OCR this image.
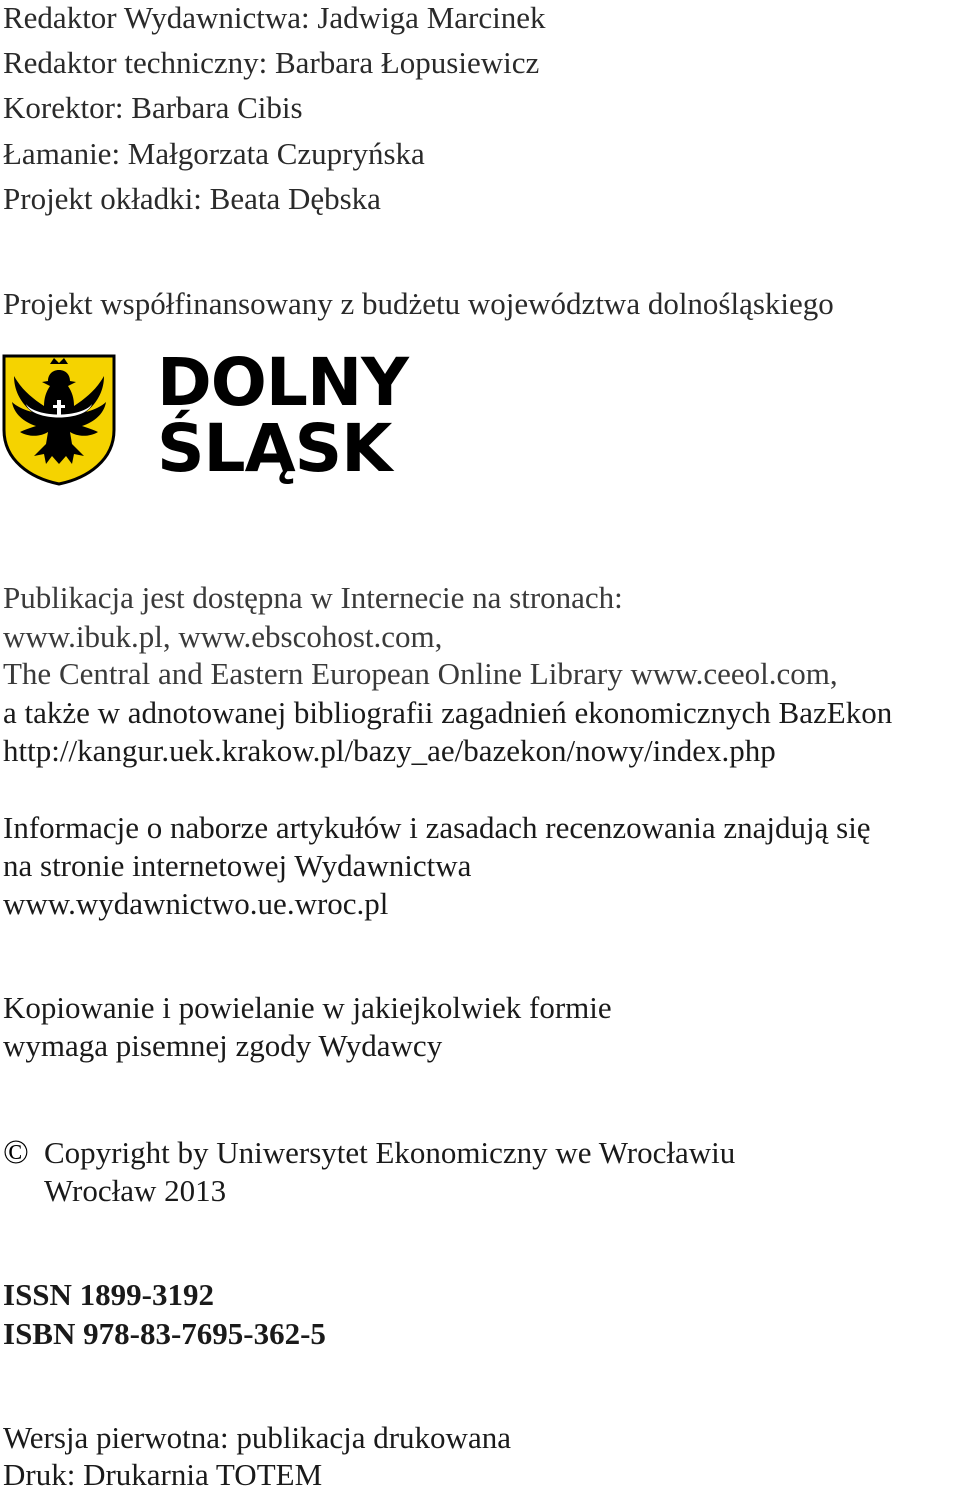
Redaktor Wydawnictwa: Jadwiga Marcinek
Redaktor techniczny: Barbara Łopusiewicz
Korektor: Barbara Cibis
Łamanie: Małgorzata Czupryńska
Projekt okładki: Beata Dębska
Projekt współfinansowany z budżetu województwa dolnośląskiego
DOLNY
ŚLĄSK
Publikacja jest dostępna w Internecie na stronach:
www.ibuk.pl, www.ebscohost.com,
The Central and Eastern European Online Library www.ceeol.com,
a także w adnotowanej bibliografii zagadnień ekonomicznych BazEkon
http://kangur.uek.krakow.pl/bazy_ae/bazekon/nowy/index.php
Informacje o naborze artykułów i zasadach recenzowania znajdują się
na stronie internetowej Wydawnictwa
www.wydawnictwo.ue.wroc.pl
Kopiowanie i powielanie w jakiejkolwiek formie
wymaga pisemnej zgody Wydawcy
© Copyright by Uniwersytet Ekonomiczny we Wrocławiu
Wrocław 2013
ISSN 1899-3192
ISBN 978-83-7695-362-5
Wersja pierwotna: publikacja drukowana
Druk: Drukarnia TOTEM
